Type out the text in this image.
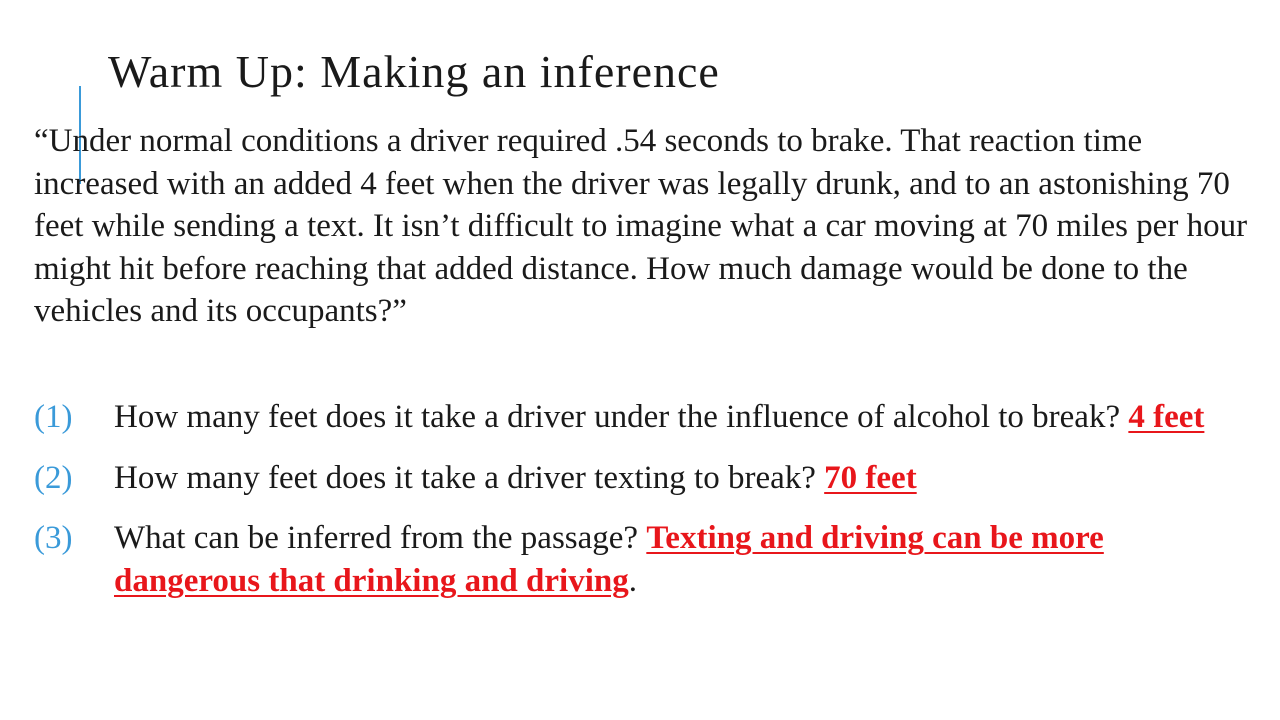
Warm Up: Making an inference

“Under normal conditions a driver required .54 seconds to brake. That reaction time increased with an added 4 feet when the driver was legally drunk, and to an astonishing 70 feet while sending a text. It isn’t difficult to imagine what a car moving at 70 miles per hour might hit before reaching that added distance. How much damage would be done to the vehicles and its occupants?”

(1)	How many feet does it take a driver under the influence of alcohol to break? 4 feet
(2)	How many feet does it take a driver texting to break? 70 feet
(3)	What can be inferred from the passage? Texting and driving can be more dangerous that drinking and driving.
